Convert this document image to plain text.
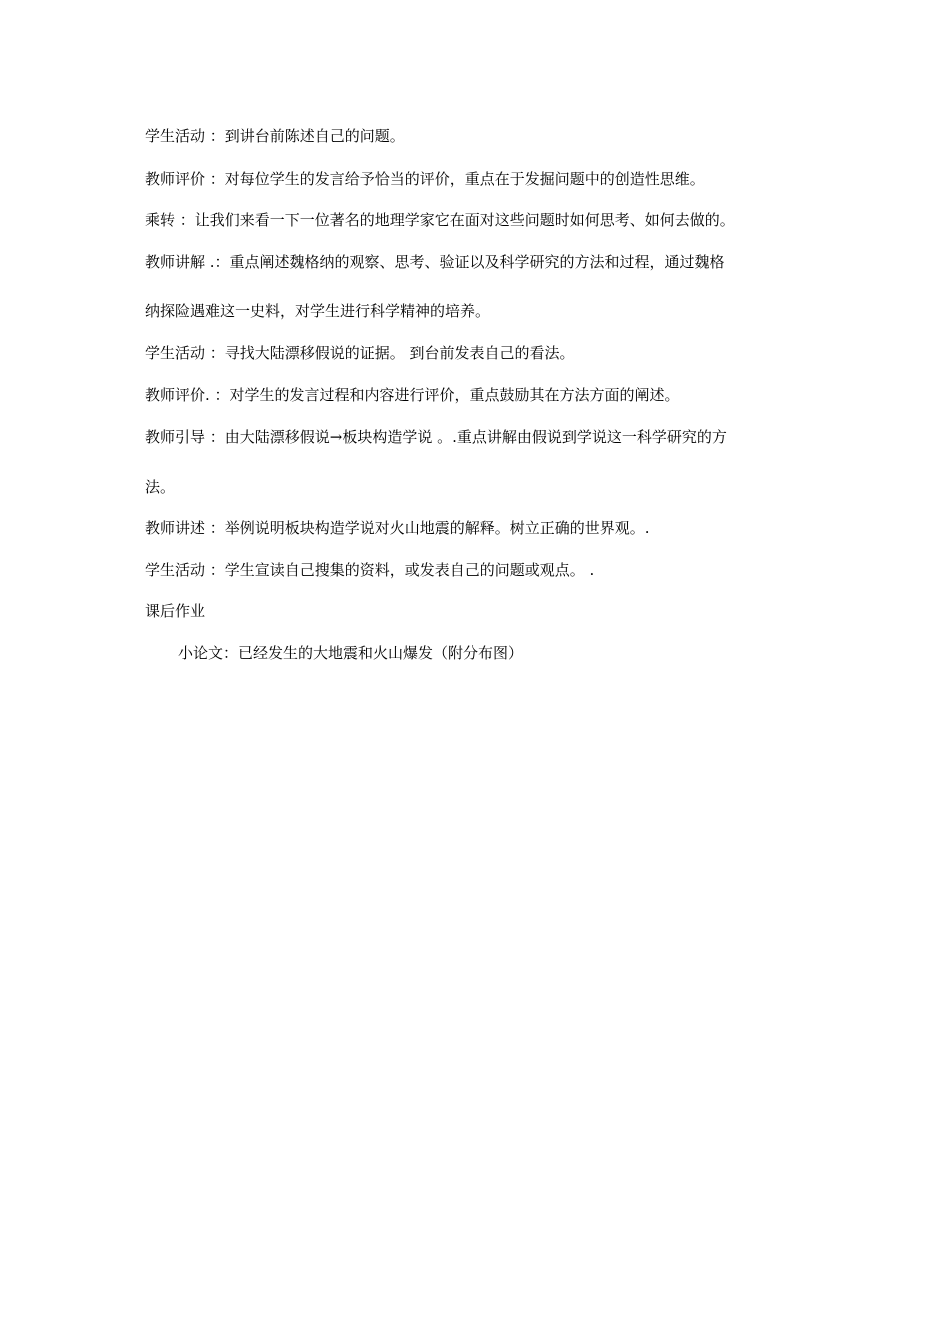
学生活动 ：到讲台前陈述自己的问题。
教师评价 ：对每位学生的发言给予恰当的评价，重点在于发掘问题中的创造性思维。
乘转 ：让我们来看一下一位著名的地理学家它在面对这些问题时如何思考、如何去做的。
教师讲解 .：重点阐述魏格纳的观察、思考、验证以及科学研究的方法和过程，通过魏格
纳探险遇难这一史料，对学生进行科学精神的培养。
学生活动 ：寻找大陆漂移假说的证据。 到台前发表自己的看法。
教师评价. ：对学生的发言过程和内容进行评价，重点鼓励其在方法方面的阐述。
教师引导 ：由大陆漂移假说→板块构造学说 。.重点讲解由假说到学说这一科学研究的方
法。
教师讲述 ：举例说明板块构造学说对火山地震的解释。树立正确的世界观。.
学生活动 ：学生宣读自己搜集的资料，或发表自己的问题或观点。 .
课后作业
小论文：已经发生的大地震和火山爆发（附分布图）
